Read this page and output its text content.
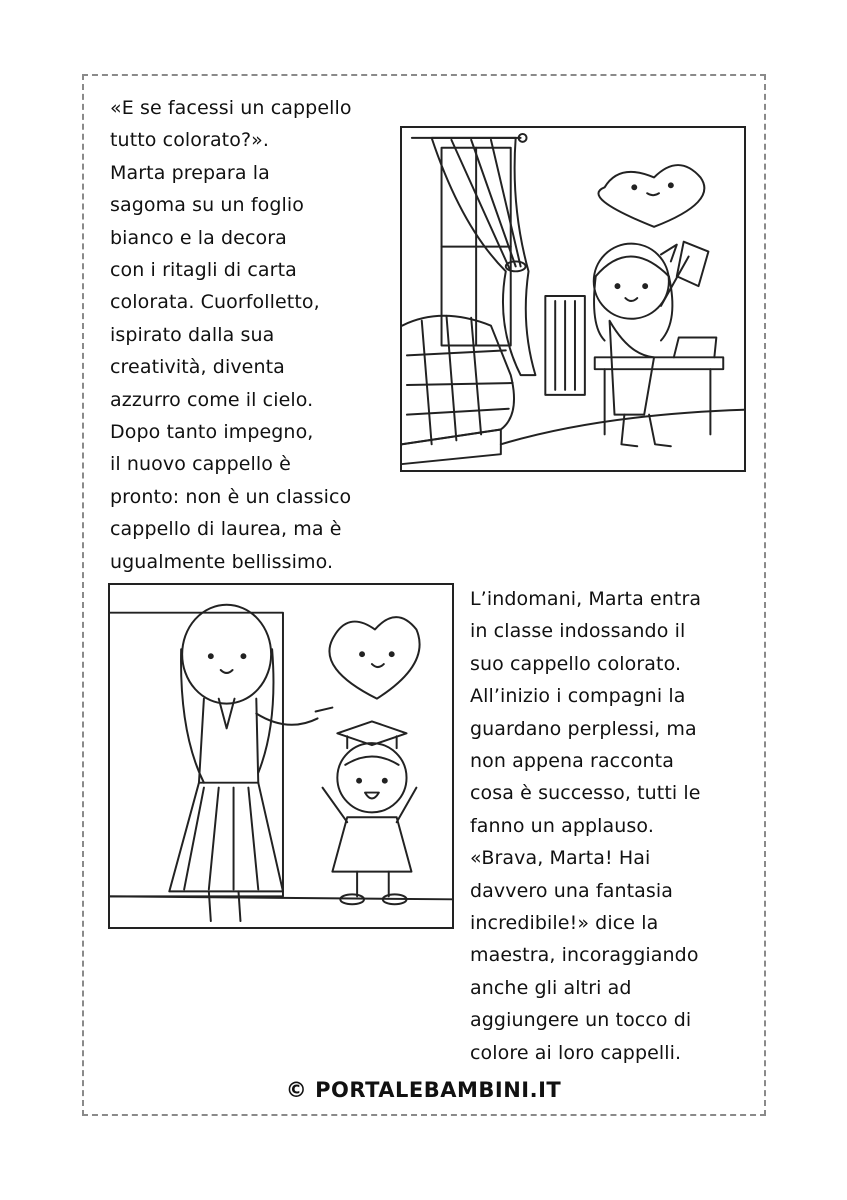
«E se facessi un cappello
tutto colorato?».
Marta prepara la
sagoma su un foglio
bianco e la decora
con i ritagli di carta
colorata. Cuorfolletto,
ispirato dalla sua
creatività, diventa
azzurro come il cielo.
Dopo tanto impegno,
il nuovo cappello è
pronto: non è un classico
cappello di laurea, ma è
ugualmente bellissimo.
L’indomani, Marta entra
in classe indossando il
suo cappello colorato.
All’inizio i compagni la
guardano perplessi, ma
non appena racconta
cosa è successo, tutti le
fanno un applauso.
«Brava, Marta! Hai
davvero una fantasia
incredibile!» dice la
maestra, incoraggiando
anche gli altri ad
aggiungere un tocco di
colore ai loro cappelli.
© PORTALEBAMBINI.IT
